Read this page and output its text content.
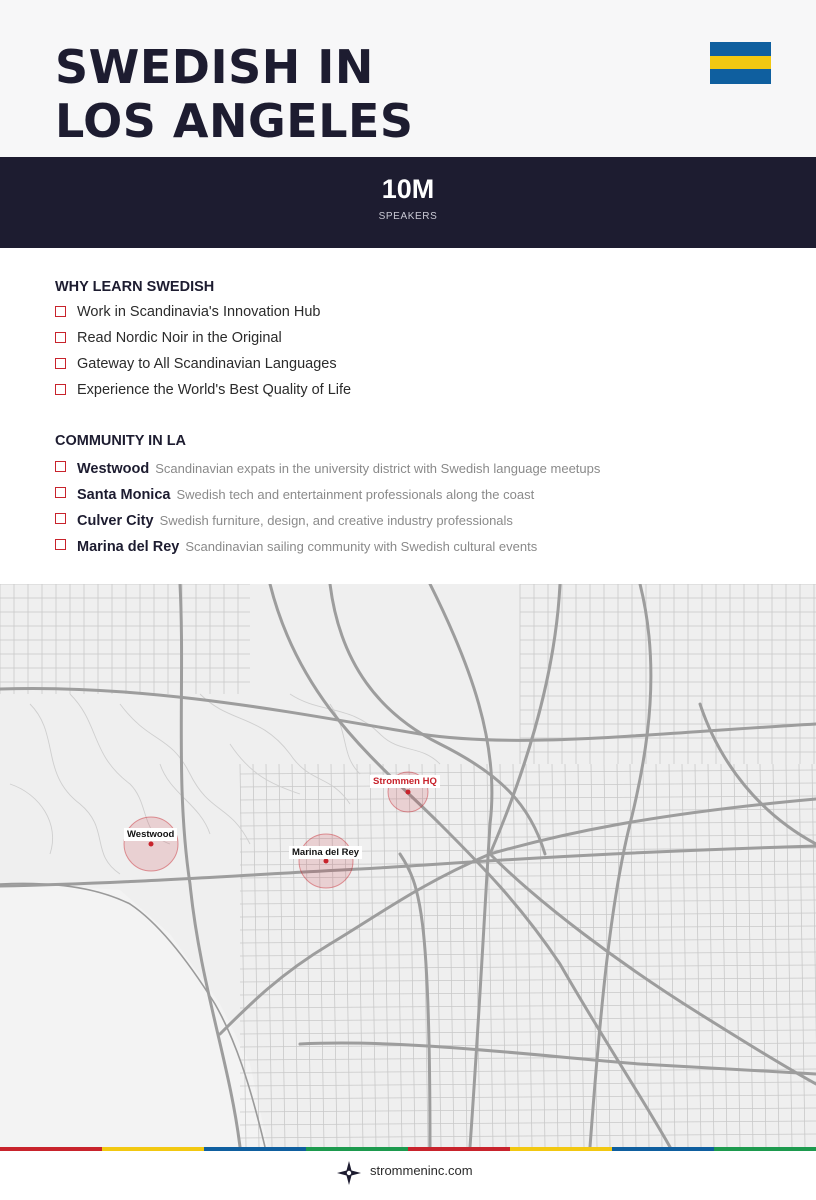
SWEDISH IN
LOS ANGELES
10M
SPEAKERS
WHY LEARN SWEDISH
Work in Scandinavia's Innovation Hub
Read Nordic Noir in the Original
Gateway to All Scandinavian Languages
Experience the World's Best Quality of Life
COMMUNITY IN LA
Westwood Scandinavian expats in the university district with Swedish language meetups
Santa Monica Swedish tech and entertainment professionals along the coast
Culver City Swedish furniture, design, and creative industry professionals
Marina del Rey Scandinavian sailing community with Swedish cultural events
Strommen HQ
Westwood
Marina del Rey
strommeninc.com
